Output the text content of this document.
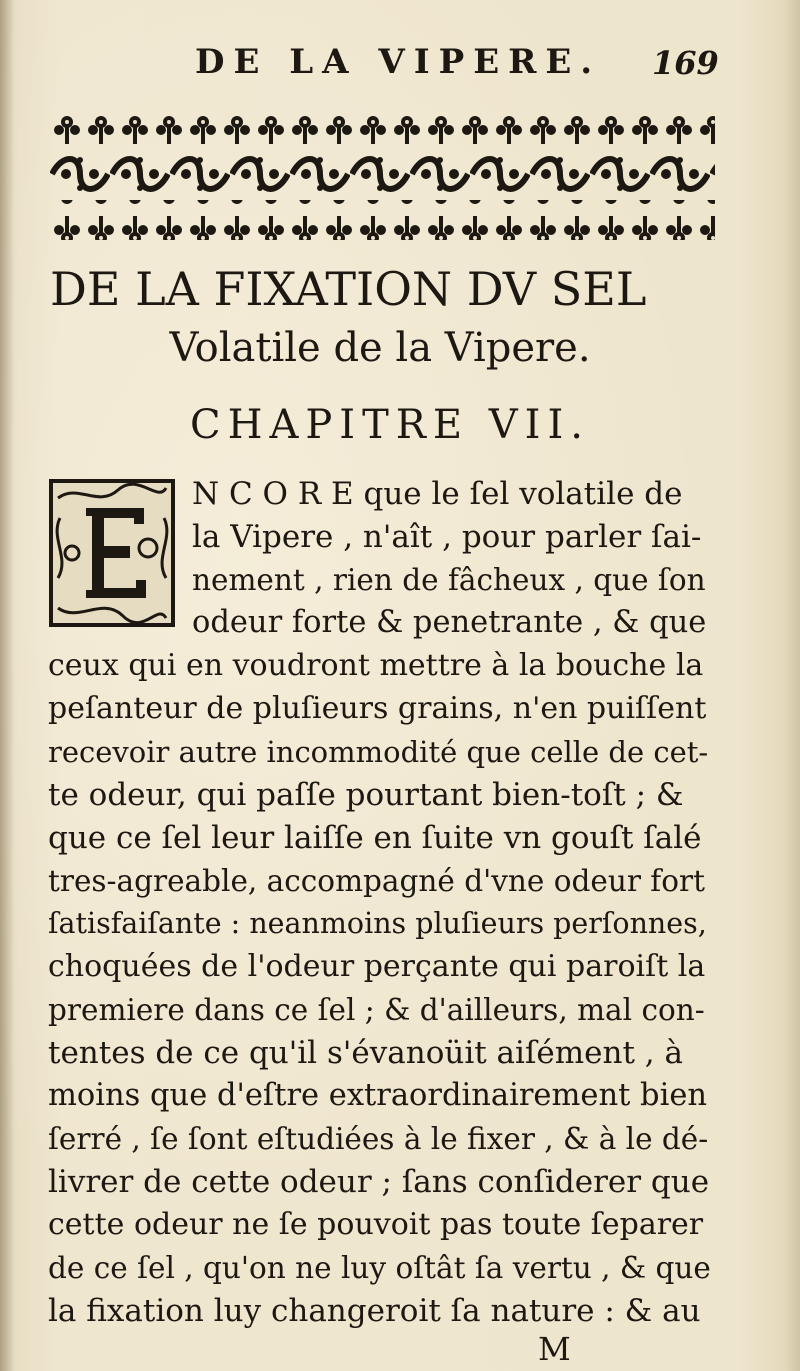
DE LA VIPERE. 169
DE LA FIXATION DV SEL
Volatile de la Vipere.
CHAPITRE VII.
N C O R E que le ſel volatile de
la Vipere , n'aît , pour parler ſai-
nement , rien de fâcheux , que ſon
odeur forte & penetrante , & que
ceux qui en voudront mettre à la bouche la
peſanteur de pluſieurs grains, n'en puiſſent
recevoir autre incommodité que celle de cet-
te odeur, qui paſſe pourtant bien-toſt ; &
que ce ſel leur laiſſe en ſuite vn gouſt ſalé
tres-agreable, accompagné d'vne odeur fort
ſatisfaiſante : neanmoins pluſieurs perſonnes,
choquées de l'odeur perçante qui paroiſt la
premiere dans ce ſel ; & d'ailleurs, mal con-
tentes de ce qu'il s'évanoüit aiſément , à
moins que d'eſtre extraordinairement bien
ſerré , ſe ſont eſtudiées à le fixer , & à le dé-
livrer de cette odeur ; ſans conſiderer que
cette odeur ne ſe pouvoit pas toute ſeparer
de ce ſel , qu'on ne luy oſtât ſa vertu , & que
la fixation luy changeroit ſa nature : & au
M
